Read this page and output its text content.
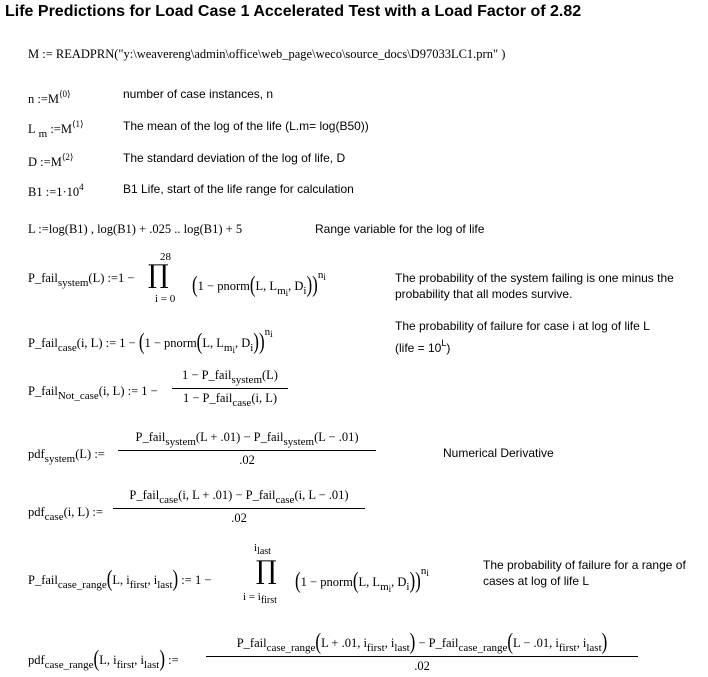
Life Predictions for Load Case 1 Accelerated Test with a Load Factor of 2.82
M := READPRN("y:\weavereng\admin\office\web_page\weco\source_docs\D97033LC1.prn" )
n $:=M^{⟨0⟩}$	number of case instances, n
L $_m$ $:=M^{⟨1⟩}$	The mean of the log of the life (L.m= log(B50))
D $:=M^{⟨2⟩}$	The standard deviation of the log of life, D
B1 $:=1\cdot 10^4$	B1 Life, start of the life range for calculation
L :=log(B1) , log(B1) + .025 .. log(B1) + 5	Range variable for the log of life
P_fail$_{system}$(L) :=1 −
28
∏
i = 0
(1 − pnorm(L, $L_{mi}$, $D_i))^{ni}$	The probability of the system failing is one minus the probability that all modes survive.
P_fail$_{case}$(i, L) := 1 − (1 − pnorm(L, $L_{mi}$, $D_i))^{ni}$
The probability of failure for case i at log of life L
(life = $10^L$)
P_fail$_{Not\_case}$(i, L) := 1 −
1 − P_fail$_{system}$(L)
1 − P_fail$_{case}$(i, L)
pdf$_{system}$(L) :=
P_fail$_{system}$(L + .01) − P_fail$_{system}$(L − .01)
.02	Numerical Derivative
pdf$_{case}$(i, L) :=
P_fail$_{case}$(i, L + .01) − P_fail$_{case}$(i, L − .01)
.02
P_fail$_{case\_range}$(L, $i_{first}$, $i_{last}$) := 1 −
$i_{last}$
∏
$i = i_{first}$
(1 − pnorm(L, $L_{mi}$, $D_i))^{ni}$
The probability of failure for a range of cases at log of life L
pdf$_{case\_range}$(L, $i_{first}$, $i_{last}$) :=
P_fail$_{case\_range}$(L + .01, $i_{first}$, $i_{last}$) − P_fail$_{case\_range}$(L − .01, $i_{first}$, $i_{last}$)
.02
